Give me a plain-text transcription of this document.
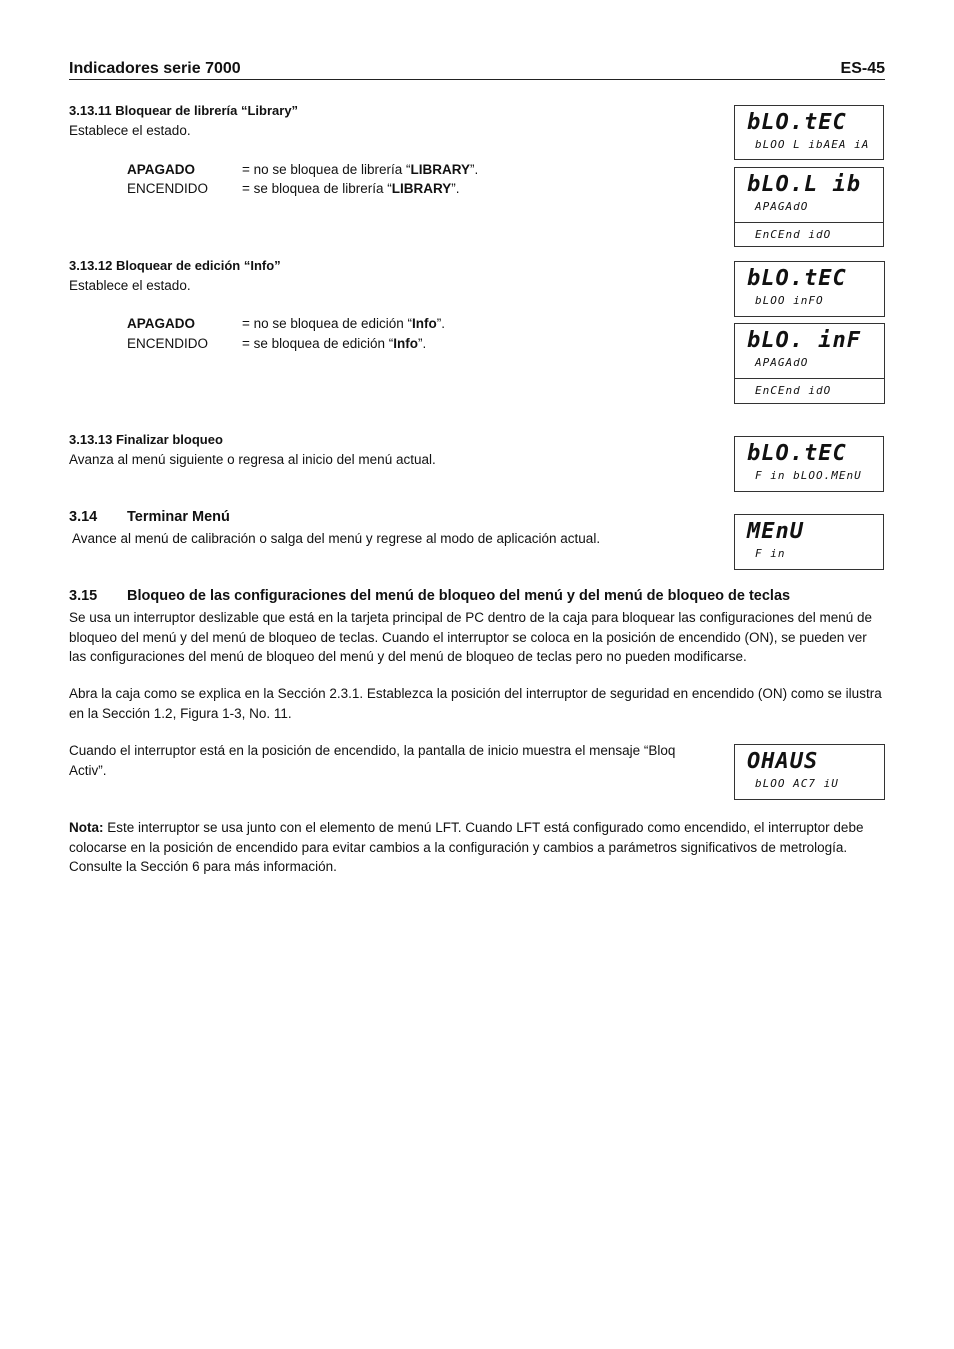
Indicadores serie 7000	ES-45
3.13.11 Bloquear de librería “Library”
Establece el estado.
APAGADO	= no se bloquea de librería “LIBRARY”.
ENCENDIDO	= se bloquea de librería “LIBRARY”.
3.13.12 Bloquear de edición “Info”
Establece el estado.
APAGADO	= no se bloquea de edición “Info”.
ENCENDIDO	= se bloquea de edición “Info”.
3.13.13 Finalizar bloqueo
Avanza al menú siguiente o regresa al inicio del menú actual.
3.14 Terminar Menú
Avance al menú de calibración o salga del menú y regrese al modo de aplicación actual.
3.15 Bloqueo de las configuraciones del menú de bloqueo del menú y del menú de bloqueo de teclas
Se usa un interruptor deslizable que está en la tarjeta principal de PC dentro de la caja para bloquear las configuraciones del menú de bloqueo del menú y del menú de bloqueo de teclas. Cuando el interruptor se coloca en la posición de encendido (ON), se pueden ver las configuraciones del menú de bloqueo del menú y del menú de bloqueo de teclas pero no pueden modificarse.
Abra la caja como se explica en la Sección 2.3.1. Establezca la posición del interruptor de seguridad en encendido (ON) como se ilustra en la Sección 1.2, Figura 1-3, No. 11.
Cuando el interruptor está en la posición de encendido, la pantalla de inicio muestra el mensaje “Bloq Activ”.
Nota: Este interruptor se usa junto con el elemento de menú LFT. Cuando LFT está configurado como encendido, el interruptor debe colocarse en la posición de encendido para evitar cambios a la configuración y cambios a parámetros significativos de metrología. Consulte la Sección 6 para más información.
bLO.tEC
bLOO L ibAEA iA
bLO.L ib
APAGAdO
EnCEnd idO
bLO.tEC
bLOO inFO
bLO. inF
APAGAdO
EnCEnd idO
bLO.tEC
F in bLOO.MEnU
MEnU
F in
OHAUS
bLOO AC7 iU
